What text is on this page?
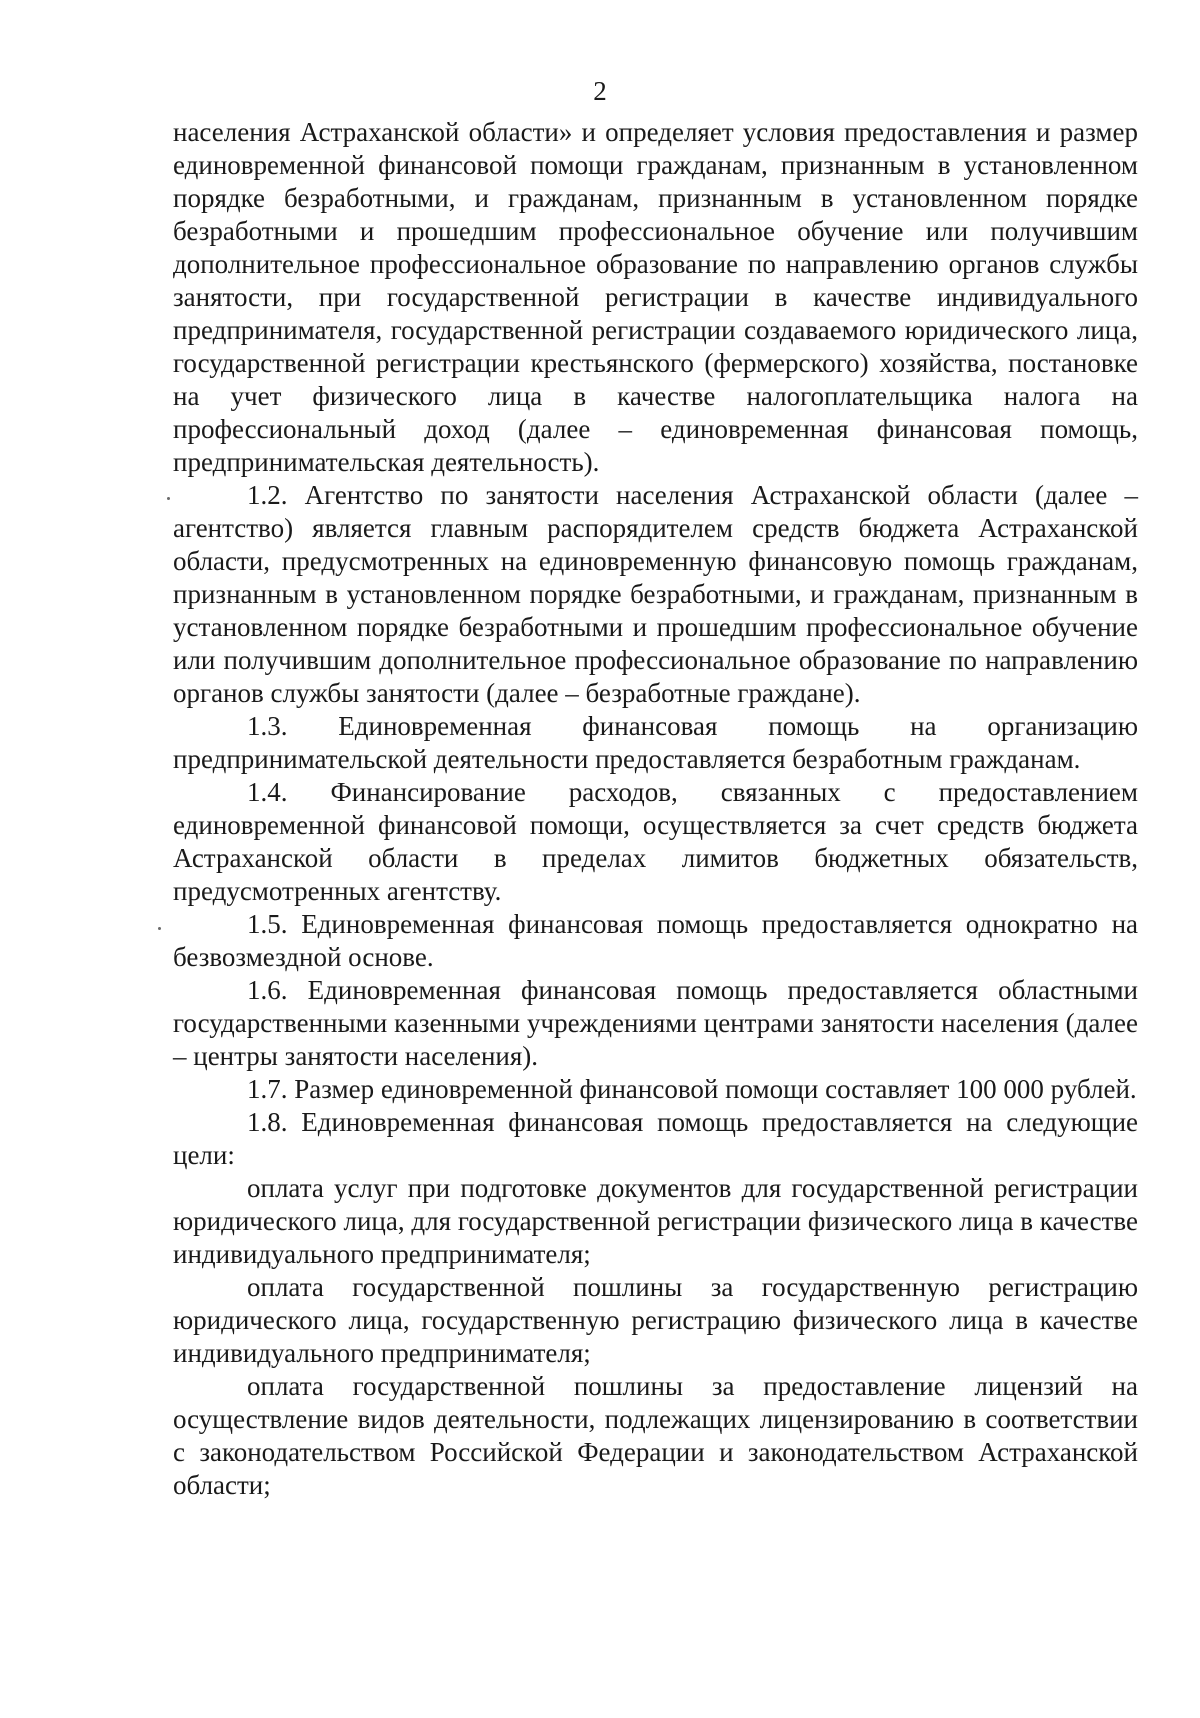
2

населения Астраханской области» и определяет условия предоставления и размер единовременной финансовой помощи гражданам, признанным в установленном порядке безработными, и гражданам, признанным в установленном порядке безработными и прошедшим профессиональное обучение или получившим дополнительное профессиональное образование по направлению органов службы занятости, при государственной регистрации в качестве индивидуального предпринимателя, государственной регистрации создаваемого юридического лица, государственной регистрации крестьянского (фермерского) хозяйства, постановке на учет физического лица в качестве налогоплательщика налога на профессиональный доход (далее – единовременная финансовая помощь, предпринимательская деятельность).

1.2. Агентство по занятости населения Астраханской области (далее – агентство) является главным распорядителем средств бюджета Астраханской области, предусмотренных на единовременную финансовую помощь гражданам, признанным в установленном порядке безработными, и гражданам, признанным в установленном порядке безработными и прошедшим профессиональное обучение или получившим дополнительное профессиональное образование по направлению органов службы занятости (далее – безработные граждане).

1.3. Единовременная финансовая помощь на организацию предпринимательской деятельности предоставляется безработным гражданам.

1.4. Финансирование расходов, связанных с предоставлением единовременной финансовой помощи, осуществляется за счет средств бюджета Астраханской области в пределах лимитов бюджетных обязательств, предусмотренных агентству.

1.5. Единовременная финансовая помощь предоставляется однократно на безвозмездной основе.

1.6. Единовременная финансовая помощь предоставляется областными государственными казенными учреждениями центрами занятости населения (далее – центры занятости населения).

1.7. Размер единовременной финансовой помощи составляет 100 000 рублей.

1.8. Единовременная финансовая помощь предоставляется на следующие цели:

оплата услуг при подготовке документов для государственной регистрации юридического лица, для государственной регистрации физического лица в качестве индивидуального предпринимателя;

оплата государственной пошлины за государственную регистрацию юридического лица, государственную регистрацию физического лица в качестве индивидуального предпринимателя;

оплата государственной пошлины за предоставление лицензий на осуществление видов деятельности, подлежащих лицензированию в соответствии с законодательством Российской Федерации и законодательством Астраханской области;
